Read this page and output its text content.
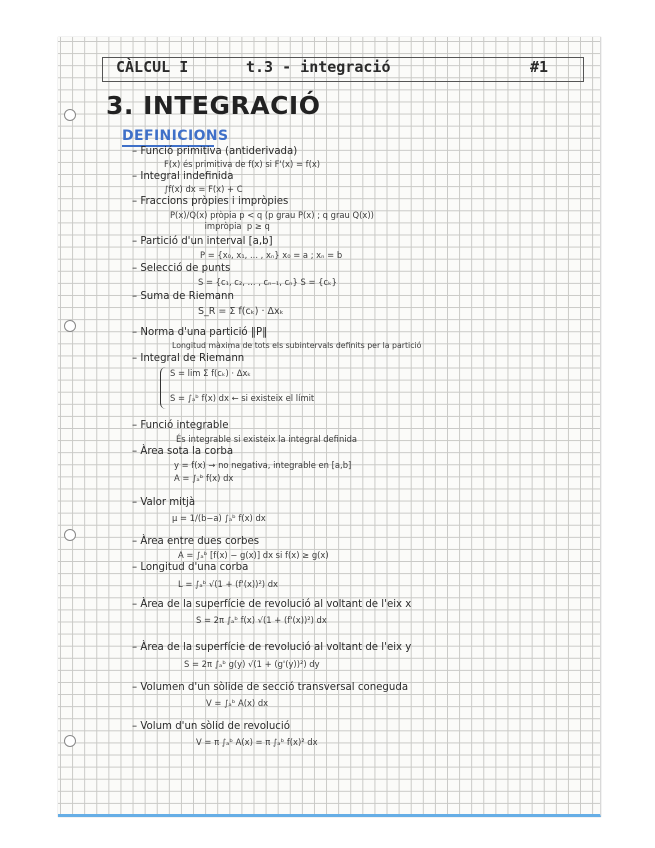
CÀLCUL I	t.3 - integració	#1
3. INTEGRACIÓ
DEFINICIONS
– Funció primitiva (antiderivada)
F(x) és primitiva de f(x) si F'(x) = f(x)
– Integral indefinida
∫f(x) dx = F(x) + C
– Fraccions pròpies i impròpies
P(x)/Q(x) pròpia p < q (p grau P(x) ; q grau Q(x))
impròpia  p ≥ q
– Partició d'un interval [a,b]
P = {x₀, x₁, ... , xₙ} x₀ = a ; xₙ = b
– Selecció de punts
S = {c₁, c₂, ... , cₙ₋₁, cₙ} S = {cₖ}
– Suma de Riemann
S_R = Σ f(cₖ) · Δxₖ
– Norma d'una partició ‖P‖
Longitud màxima de tots els subintervals definits per la partició
– Integral de Riemann
S = lim Σ f(cₖ) · Δxₖ
S = ∫ₐᵇ f(x) dx ← si existeix el límit
– Funció integrable
És integrable si existeix la integral definida
– Àrea sota la corba
y = f(x) → no negativa, integrable en [a,b]
A = ∫ₐᵇ f(x) dx
– Valor mitjà
μ = 1/(b−a) ∫ₐᵇ f(x) dx
– Àrea entre dues corbes
A = ∫ₐᵇ [f(x) − g(x)] dx si f(x) ≥ g(x)
– Longitud d'una corba
L = ∫ₐᵇ √(1 + (f'(x))²) dx
– Àrea de la superfície de revolució al voltant de l'eix x
S = 2π ∫ₐᵇ f(x) √(1 + (f'(x))²) dx
– Àrea de la superfície de revolució al voltant de l'eix y
S = 2π ∫ₐᵇ g(y) √(1 + (g'(y))²) dy
– Volumen d'un sòlide de secció transversal coneguda
V = ∫ₐᵇ A(x) dx
– Volum d'un sòlid de revolució
V = π ∫ₐᵇ A(x) = π ∫ₐᵇ f(x)² dx
